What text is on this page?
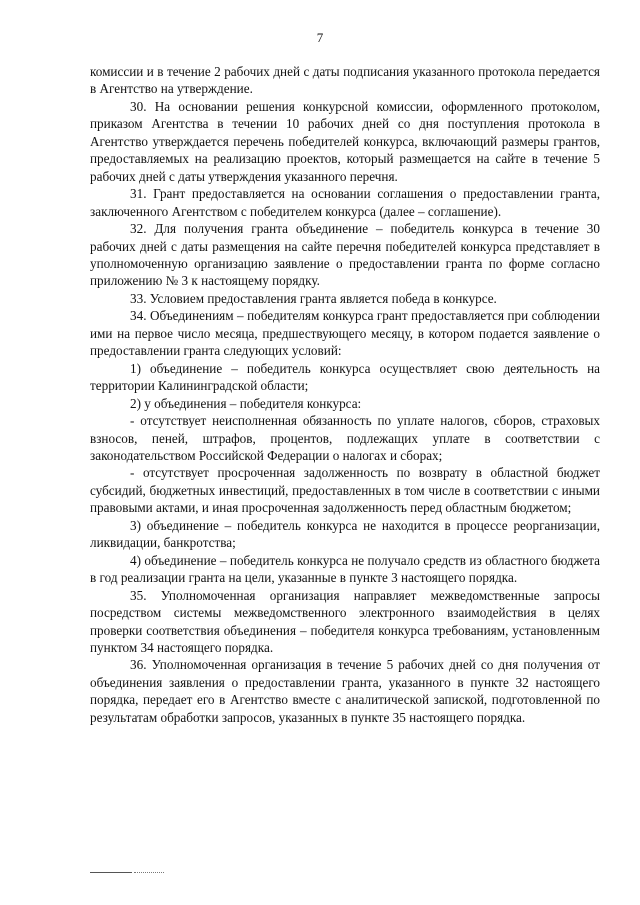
7

комиссии и в течение 2 рабочих дней с даты подписания указанного протокола передается в Агентство на утверждение.

30. На основании решения конкурсной комиссии, оформленного протоколом, приказом Агентства в течении 10 рабочих дней со дня поступления протокола в Агентство утверждается перечень победителей конкурса, включающий размеры грантов, предоставляемых на реализацию проектов, который размещается на сайте в течение 5 рабочих дней с даты утверждения указанного перечня.

31. Грант предоставляется на основании соглашения о предоставлении гранта, заключенного Агентством с победителем конкурса (далее – соглашение).

32. Для получения гранта объединение – победитель конкурса в течение 30 рабочих дней с даты размещения на сайте перечня победителей конкурса представляет в уполномоченную организацию заявление о предоставлении гранта по форме согласно приложению № 3 к настоящему порядку.

33. Условием предоставления гранта является победа в конкурсе.

34. Объединениям – победителям конкурса грант предоставляется при соблюдении ими на первое число месяца, предшествующего месяцу, в котором подается заявление о предоставлении гранта следующих условий:

1) объединение – победитель конкурса осуществляет свою деятельность на территории Калининградской области;

2) у объединения – победителя конкурса:

- отсутствует неисполненная обязанность по уплате налогов, сборов, страховых взносов, пеней, штрафов, процентов, подлежащих уплате в соответствии с законодательством Российской Федерации о налогах и сборах;

- отсутствует просроченная задолженность по возврату в областной бюджет субсидий, бюджетных инвестиций, предоставленных в том числе в соответствии с иными правовыми актами, и иная просроченная задолженность перед областным бюджетом;

3) объединение – победитель конкурса не находится в процессе реорганизации, ликвидации, банкротства;

4) объединение – победитель конкурса не получало средств из областного бюджета в год реализации гранта на цели, указанные в пункте 3 настоящего порядка.

35. Уполномоченная организация направляет межведомственные запросы посредством системы межведомственного электронного взаимодействия в целях проверки соответствия объединения – победителя конкурса требованиям, установленным пунктом 34 настоящего порядка.

36. Уполномоченная организация в течение 5 рабочих дней со дня получения от объединения заявления о предоставлении гранта, указанного в пункте 32 настоящего порядка, передает его в Агентство вместе с аналитической запиской, подготовленной по результатам обработки запросов, указанных в пункте 35 настоящего порядка.
